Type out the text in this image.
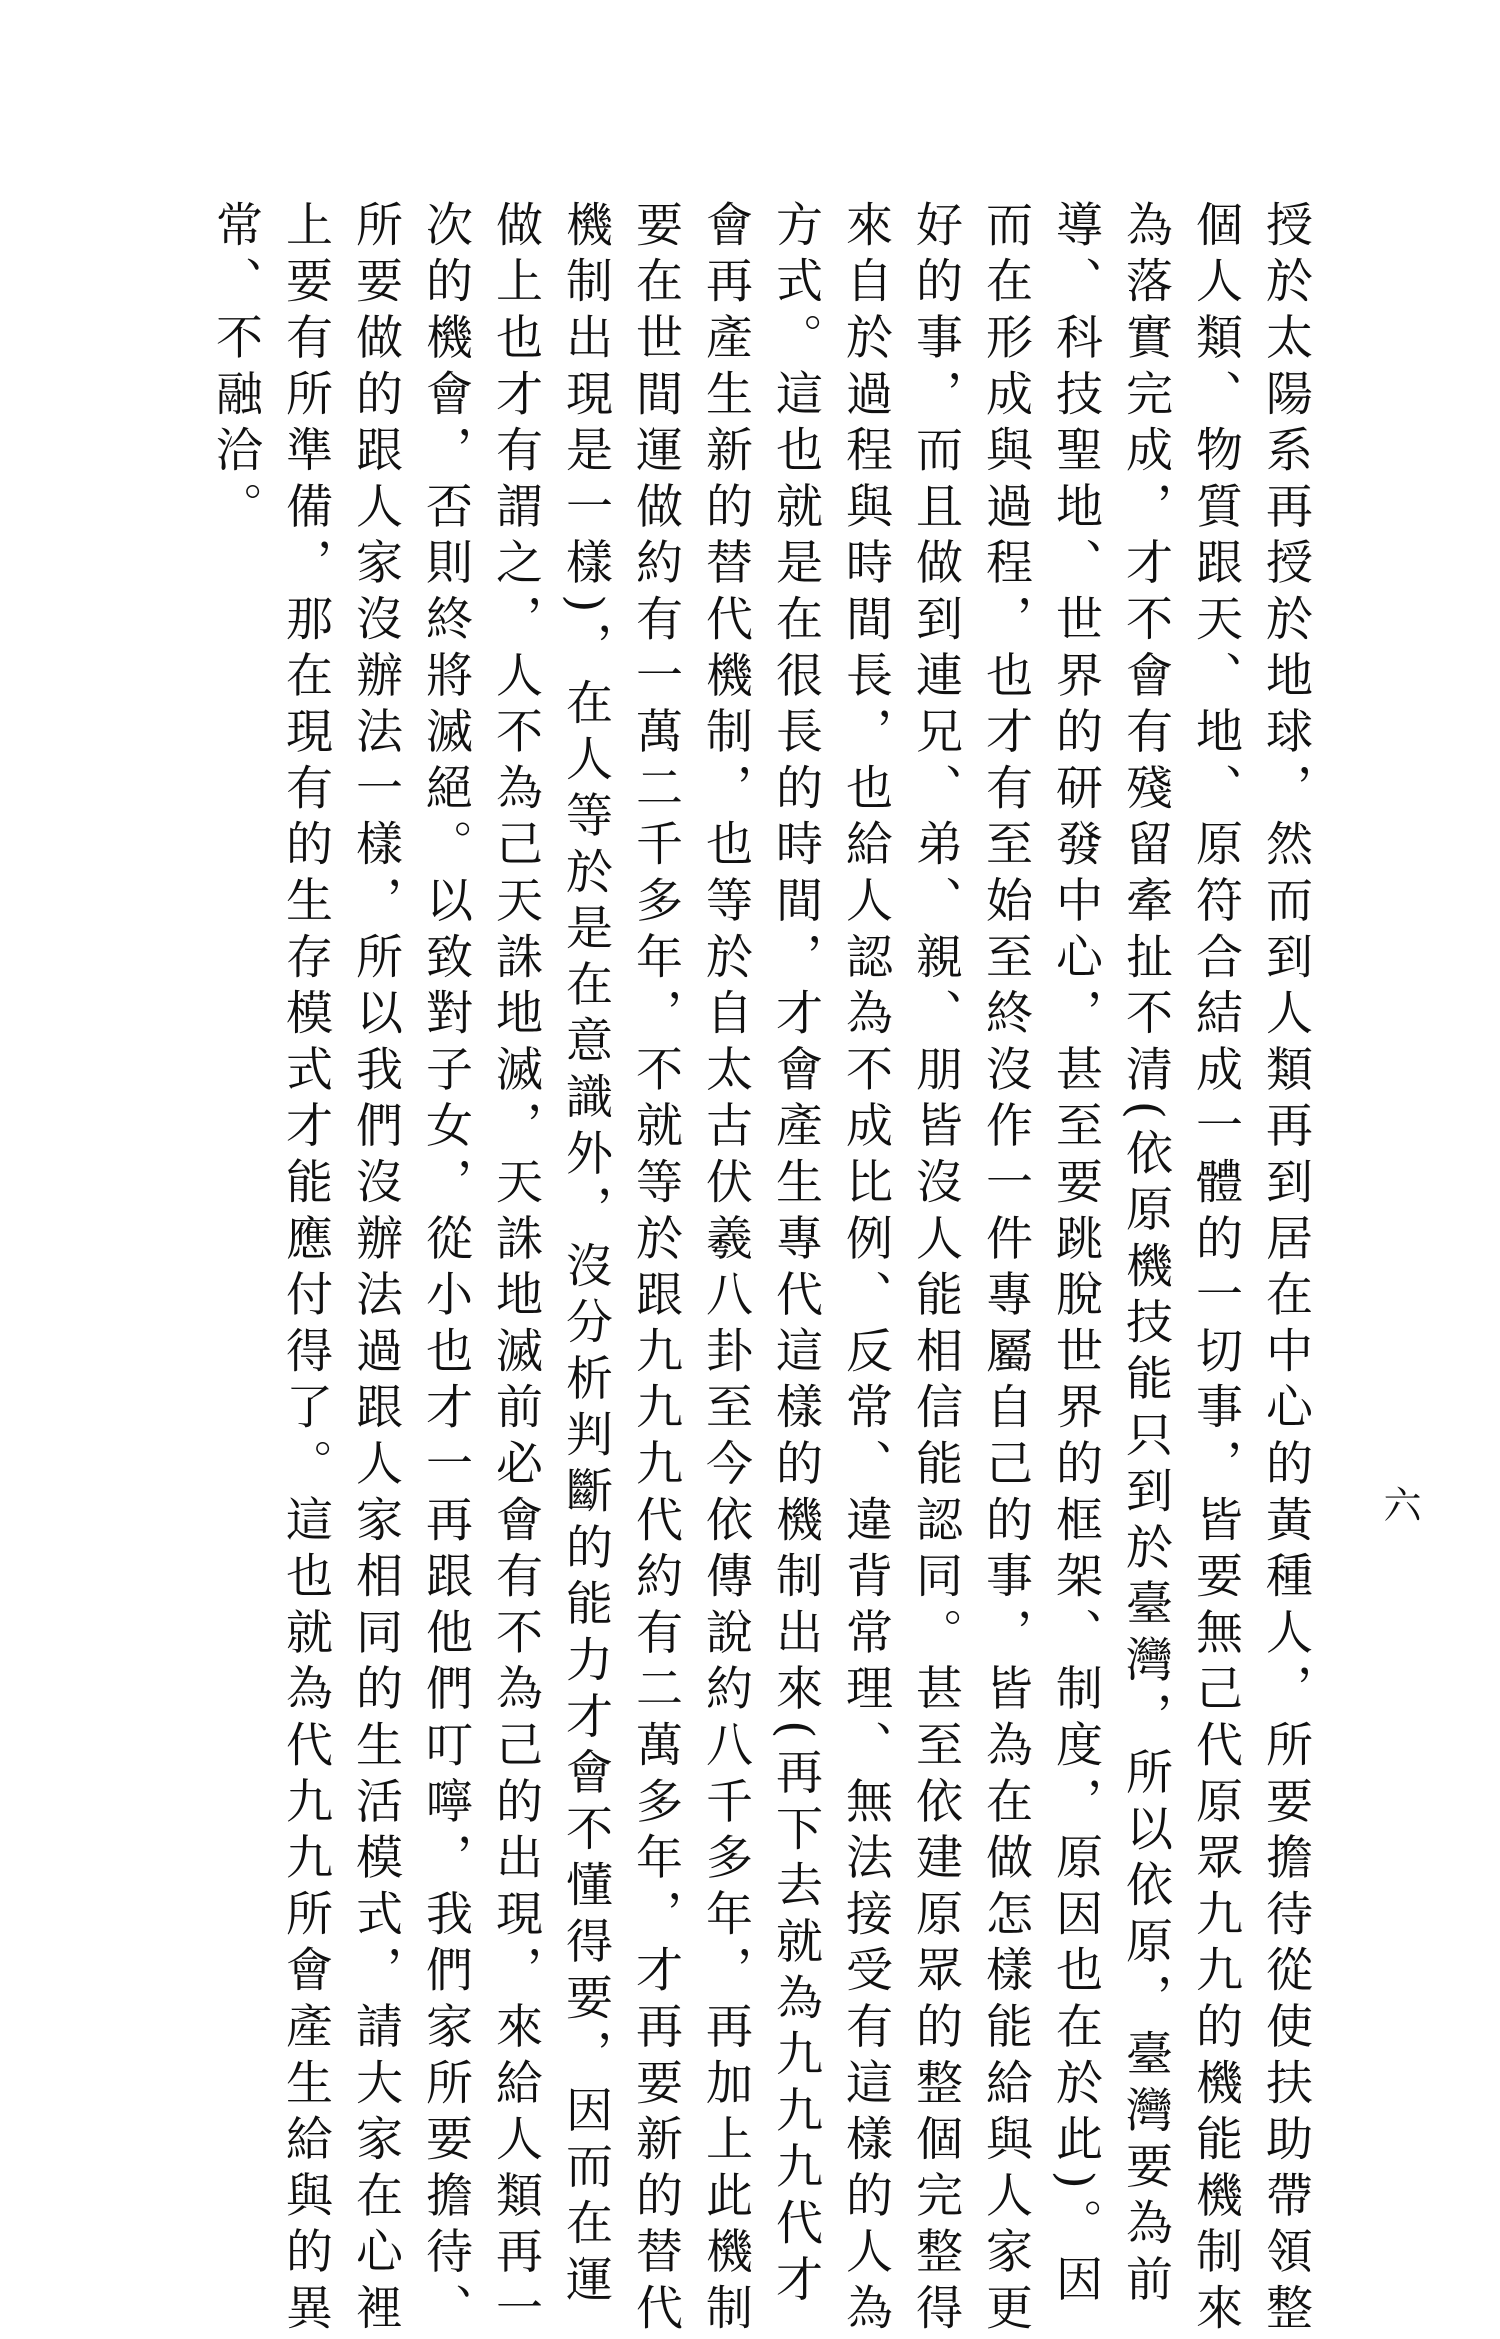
授於太陽系再授於地球，然而到人類再到居在中心的黃種人，所要擔待從使扶助帶領整
個人類、物質跟天、地、原符合結成一體的一切事，皆要無己代原眾九九的機能機制來
為落實完成，才不會有殘留牽扯不清(依原機技能只到於臺灣，所以依原，臺灣要為前
導、科技聖地、世界的研發中心，甚至要跳脫世界的框架、制度，原因也在於此)。因
而在形成與過程，也才有至始至終沒作一件專屬自己的事，皆為在做怎樣能給與人家更
好的事，而且做到連兄、弟、親、朋皆沒人能相信能認同。甚至依建原眾的整個完整得
來自於過程與時間長，也給人認為不成比例、反常、違背常理、無法接受有這樣的人為
方式。這也就是在很長的時間，才會產生專代這樣的機制出來(再下去就為九九九代才
會再產生新的替代機制，也等於自太古伏羲八卦至今依傳說約八千多年，再加上此機制
要在世間運做約有一萬二千多年，不就等於跟九九九代約有二萬多年，才再要新的替代
機制出現是一樣)，在人等於是在意識外，沒分析判斷的能力才會不懂得要，因而在運
做上也才有謂之，人不為己天誅地滅，天誅地滅前必會有不為己的出現，來給人類再一
次的機會，否則終將滅絕。以致對子女，從小也才一再跟他們叮嚀，我們家所要擔待、
所要做的跟人家沒辦法一樣，所以我們沒辦法過跟人家相同的生活模式，請大家在心裡
上要有所準備，那在現有的生存模式才能應付得了。這也就為代九九所會產生給與的異
常、不融洽。
六
